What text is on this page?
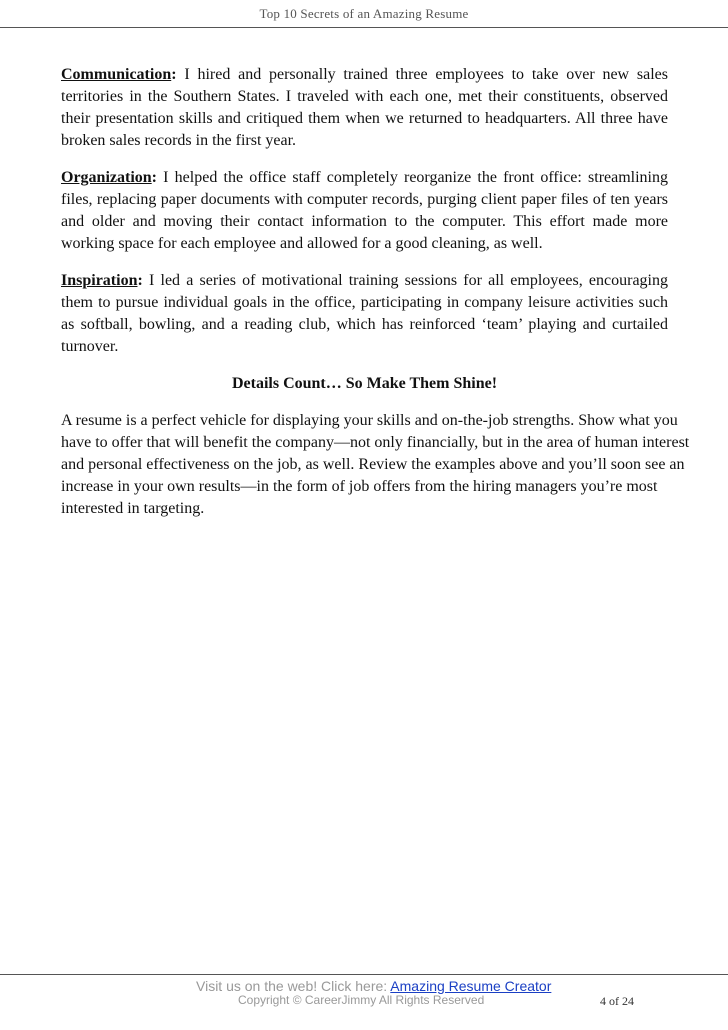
Top 10 Secrets of an Amazing Resume

Communication: I hired and personally trained three employees to take over new sales territories in the Southern States. I traveled with each one, met their constituents, observed their presentation skills and critiqued them when we returned to headquarters. All three have broken sales records in the first year.

Organization: I helped the office staff completely reorganize the front office: streamlining files, replacing paper documents with computer records, purging client paper files of ten years and older and moving their contact information to the computer. This effort made more working space for each employee and allowed for a good cleaning, as well.

Inspiration: I led a series of motivational training sessions for all employees, encouraging them to pursue individual goals in the office, participating in company leisure activities such as softball, bowling, and a reading club, which has reinforced ‘team’ playing and curtailed turnover.

Details Count… So Make Them Shine!

A resume is a perfect vehicle for displaying your skills and on-the-job strengths. Show what you have to offer that will benefit the company—not only financially, but in the area of human interest and personal effectiveness on the job, as well. Review the examples above and you’ll soon see an increase in your own results—in the form of job offers from the hiring managers you’re most interested in targeting.

Visit us on the web! Click here: Amazing Resume Creator
Copyright © CareerJimmy All Rights Reserved	4 of 24
